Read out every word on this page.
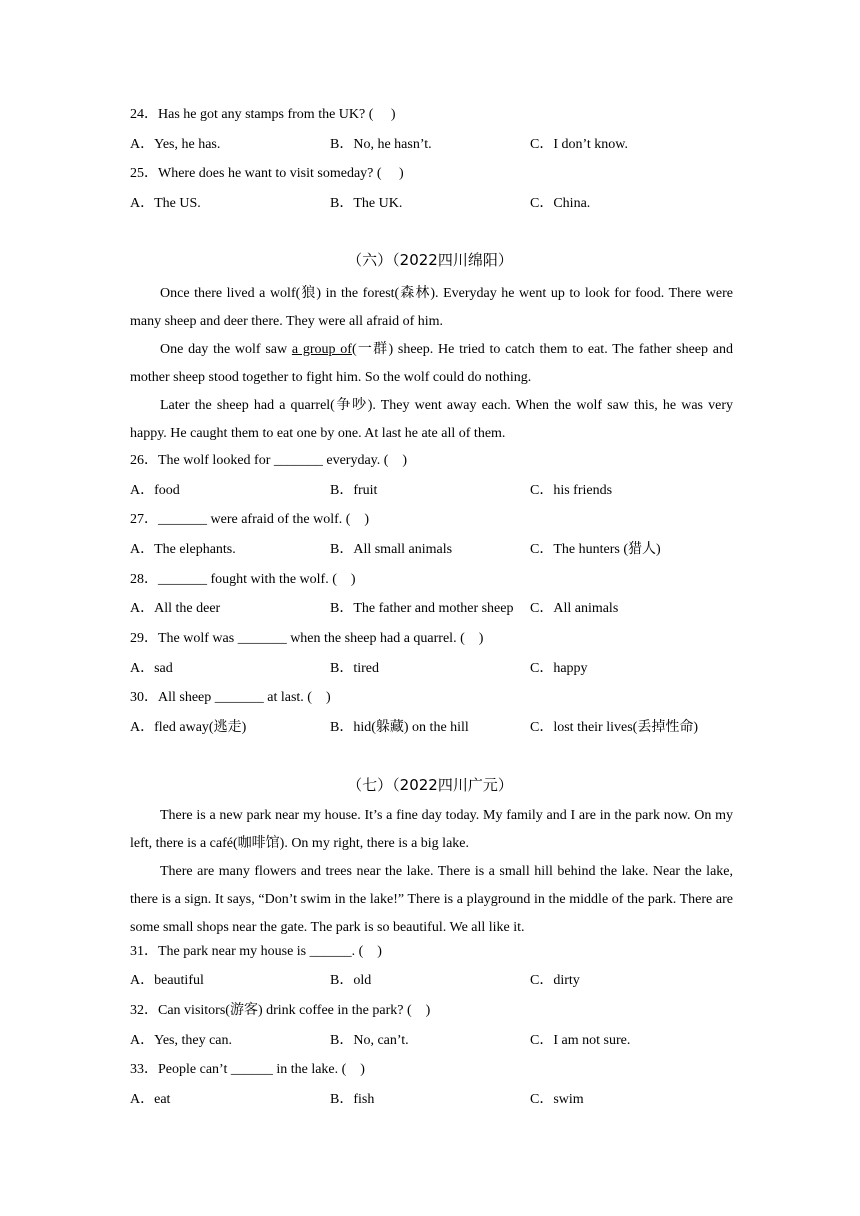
24．Has he got any stamps from the UK? (　 )
A．Yes, he has.	B．No, he hasn’t.	C．I don’t know.
25．Where does he want to visit someday? (　 )
A．The US.	B．The UK.	C．China.
（六）（2022四川绵阳）
Once there lived a wolf(狼) in the forest(森林). Everyday he went up to look for food. There were many sheep and deer there. They were all afraid of him.
One day the wolf saw a group of(一群) sheep. He tried to catch them to eat. The father sheep and mother sheep stood together to fight him. So the wolf could do nothing.
Later the sheep had a quarrel(争吵). They went away each. When the wolf saw this, he was very happy. He caught them to eat one by one. At last he ate all of them.
26．The wolf looked for _______ everyday. (　)
A．food	B．fruit	C．his friends
27．_______ were afraid of the wolf. (　)
A．The elephants.	B．All small animals	C．The hunters (猎人)
28．_______ fought with the wolf. (　)
A．All the deer	B．The father and mother sheep C．All animals
29．The wolf was _______ when the sheep had a quarrel. (　)
A．sad	B．tired	C．happy
30．All sheep _______ at last. (　)
A．fled away(逃走)	B．hid(躲藏) on the hill	C．lost their lives(丢掉性命)
（七）（2022四川广元）
There is a new park near my house. It’s a fine day today. My family and I are in the park now. On my left, there is a café(咖啡馆). On my right, there is a big lake.
There are many flowers and trees near the lake. There is a small hill behind the lake. Near the lake, there is a sign. It says, “Don’t swim in the lake!” There is a playground in the middle of the park. There are some small shops near the gate. The park is so beautiful. We all like it.
31．The park near my house is ______. (　)
A．beautiful	B．old	C．dirty
32．Can visitors(游客) drink coffee in the park? (　)
A．Yes, they can.	B．No, can’t.	C．I am not sure.
33．People can’t ______ in the lake. (　)
A．eat	B．fish	C．swim
